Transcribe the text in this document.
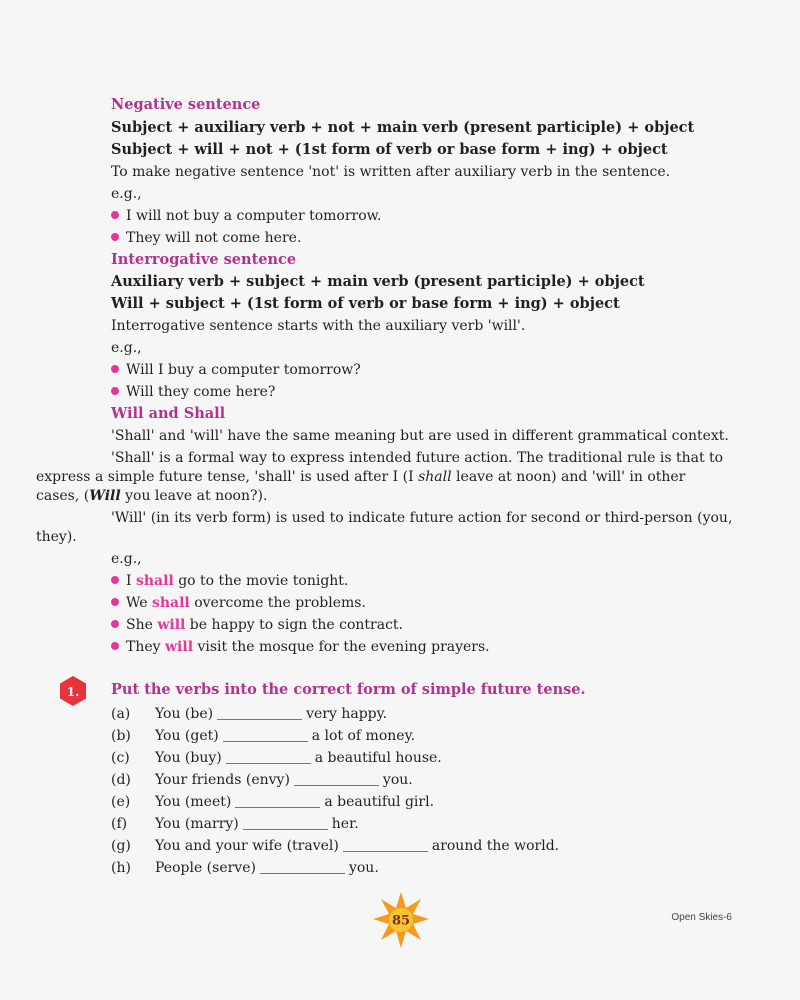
Negative sentence
Subject + auxiliary verb + not + main verb (present participle) + object
Subject + will + not + (1st form of verb or base form + ing) + object
To make negative sentence 'not' is written after auxiliary verb in the sentence.
e.g.,
I will not buy a computer tomorrow.
They will not come here.
Interrogative sentence
Auxiliary verb + subject + main verb (present participle) + object
Will + subject + (1st form of verb or base form + ing) + object
Interrogative sentence starts with the auxiliary verb 'will'.
e.g.,
Will I buy a computer tomorrow?
Will they come here?
Will and Shall
'Shall' and 'will' have the same meaning but are used in different grammatical context.
'Shall' is a formal way to express intended future action. The traditional rule is that to
express a simple future tense, 'shall' is used after I (I shall leave at noon) and 'will' in other
cases, (Will you leave at noon?).
'Will' (in its verb form) is used to indicate future action for second or third-person (you,
they).
e.g.,
I shall go to the movie tonight.
We shall overcome the problems.
She will be happy to sign the contract.
They will visit the mosque for the evening prayers.
1. Put the verbs into the correct form of simple future tense.
(a) You (be)	very happy.
(b) You (get)	a lot of money.
(c) You (buy)	a beautiful house.
(d) Your friends (envy)	you.
(e) You (meet)	a beautiful girl.
(f) You (marry)	her.
(g) You and your wife (travel)	around the world.
(h) People (serve)	you.
85	Open Skies-6
